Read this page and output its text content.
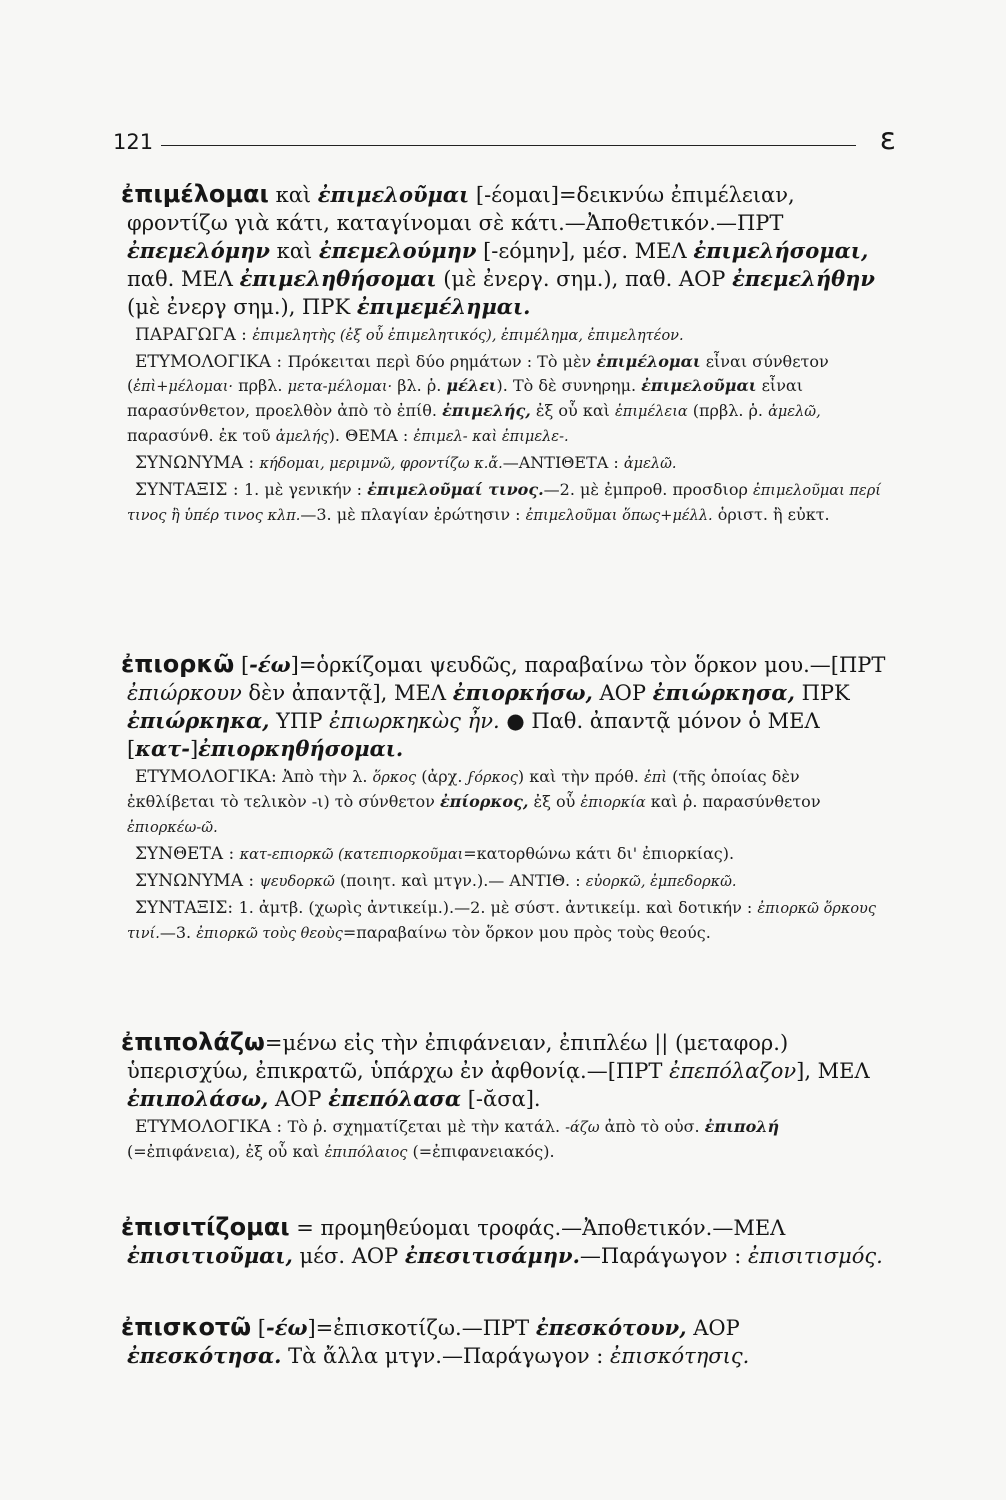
121	ε

ἐπιμέλομαι καὶ ἐπιμελοῦμαι [-έομαι]=δεικνύω ἐπιμέλειαν, φροντίζω γιὰ κάτι, καταγίνομαι σὲ κάτι.—Ἀποθετικόν.—ΠΡΤ ἐπεμελόμην καὶ ἐπεμελούμην [-εόμην], μέσ. ΜΕΛ ἐπιμελήσομαι, παθ. ΜΕΛ ἐπιμεληθήσομαι (μὲ ἐνεργ. σημ.), παθ. ΑΟΡ ἐπεμελήθην (μὲ ἐνεργ σημ.), ΠΡΚ ἐπιμεμέλημαι.

ΠΑΡΑΓΩΓΑ : ἐπιμελητὴς (ἐξ οὗ ἐπιμελητικός), ἐπιμέλημα, ἐπιμελητέον.

ΕΤΥΜΟΛΟΓΙΚΑ : Πρόκειται περὶ δύο ρημάτων : Τὸ μὲν ἐπιμέλομαι εἶναι σύνθετον (ἐπὶ+μέλομαι· πρβλ. μετα-μέλομαι· βλ. ῥ. μέλει). Τὸ δὲ συνηρημ. ἐπιμελοῦμαι εἶναι παρασύνθετον, προελθὸν ἀπὸ τὸ ἐπίθ. ἐπιμελής, ἐξ οὗ καὶ ἐπιμέλεια (πρβλ. ῥ. ἀμελῶ, παρασύνθ. ἐκ τοῦ ἀμελής). ΘΕΜΑ : ἐπιμελ- καὶ ἐπιμελε-.

ΣΥΝΩΝΥΜΑ : κήδομαι, μεριμνῶ, φροντίζω κ.ἄ.—ΑΝΤΙΘΕΤΑ : ἀμελῶ.

ΣΥΝΤΑΞΙΣ : 1. μὲ γενικήν : ἐπιμελοῦμαί τινος.—2. μὲ ἐμπροθ. προσδιορ ἐπιμελοῦμαι περί τινος ἢ ὑπέρ τινος κλπ.—3. μὲ πλαγίαν ἐρώτησιν : ἐπιμελοῦμαι ὅπως+μέλλ. ὁριστ. ἢ εὐκτ.

ἐπιορκῶ [-έω]=ὁρκίζομαι ψευδῶς, παραβαίνω τὸν ὅρκον μου.—[ΠΡΤ ἐπιώρκουν δὲν ἀπαντᾷ], ΜΕΛ ἐπιορκήσω, ΑΟΡ ἐπιώρκησα, ΠΡΚ ἐπιώρκηκα, ΥΠΡ ἐπιωρκηκὼς ἦν. ● Παθ. ἀπαντᾷ μόνον ὁ ΜΕΛ [κατ-]ἐπιορκηθήσομαι.

ΕΤΥΜΟΛΟΓΙΚΑ: Ἀπὸ τὴν λ. ὅρκος (ἀρχ. ϝόρκος) καὶ τὴν πρόθ. ἐπὶ (τῆς ὁποίας δὲν ἐκθλίβεται τὸ τελικὸν -ι) τὸ σύνθετον ἐπίορκος, ἐξ οὗ ἐπιορκία καὶ ῥ. παρασύνθετον ἐπιορκέω-ῶ.

ΣΥΝΘΕΤΑ : κατ-επιορκῶ (κατεπιορκοῦμαι=κατορθώνω κάτι δι' ἐπιορκίας).

ΣΥΝΩΝΥΜΑ : ψευδορκῶ (ποιητ. καὶ μτγν.).— ΑΝΤΙΘ. : εὐορκῶ, ἐμπεδορκῶ.

ΣΥΝΤΑΞΙΣ: 1. ἀμτβ. (χωρὶς ἀντικείμ.).—2. μὲ σύστ. ἀντικείμ. καὶ δοτικήν : ἐπιορκῶ ὅρκους τινί.—3. ἐπιορκῶ τοὺς θεοὺς=παραβαίνω τὸν ὅρκον μου πρὸς τοὺς θεούς.

ἐπιπολάζω=μένω εἰς τὴν ἐπιφάνειαν, ἐπιπλέω || (μεταφορ.) ὑπερισχύω, ἐπικρατῶ, ὑπάρχω ἐν ἀφθονίᾳ.—[ΠΡΤ ἐπεπόλαζον], ΜΕΛ ἐπιπολάσω, ΑΟΡ ἐπεπόλασα [-ᾰσα].

ΕΤΥΜΟΛΟΓΙΚΑ : Τὸ ῥ. σχηματίζεται μὲ τὴν κατάλ. -άζω ἀπὸ τὸ οὐσ. ἐπιπολή (=ἐπιφάνεια), ἐξ οὗ καὶ ἐπιπόλαιος (=ἐπιφανειακός).

ἐπισιτίζομαι = προμηθεύομαι τροφάς.—Ἀποθετικόν.—ΜΕΛ ἐπισιτιοῦμαι, μέσ. ΑΟΡ ἐπεσιτισάμην.—Παράγωγον : ἐπισιτισμός.

ἐπισκοτῶ [-έω]=ἐπισκοτίζω.—ΠΡΤ ἐπεσκότουν, ΑΟΡ ἐπεσκότησα. Τὰ ἄλλα μτγν.—Παράγωγον : ἐπισκότησις.
